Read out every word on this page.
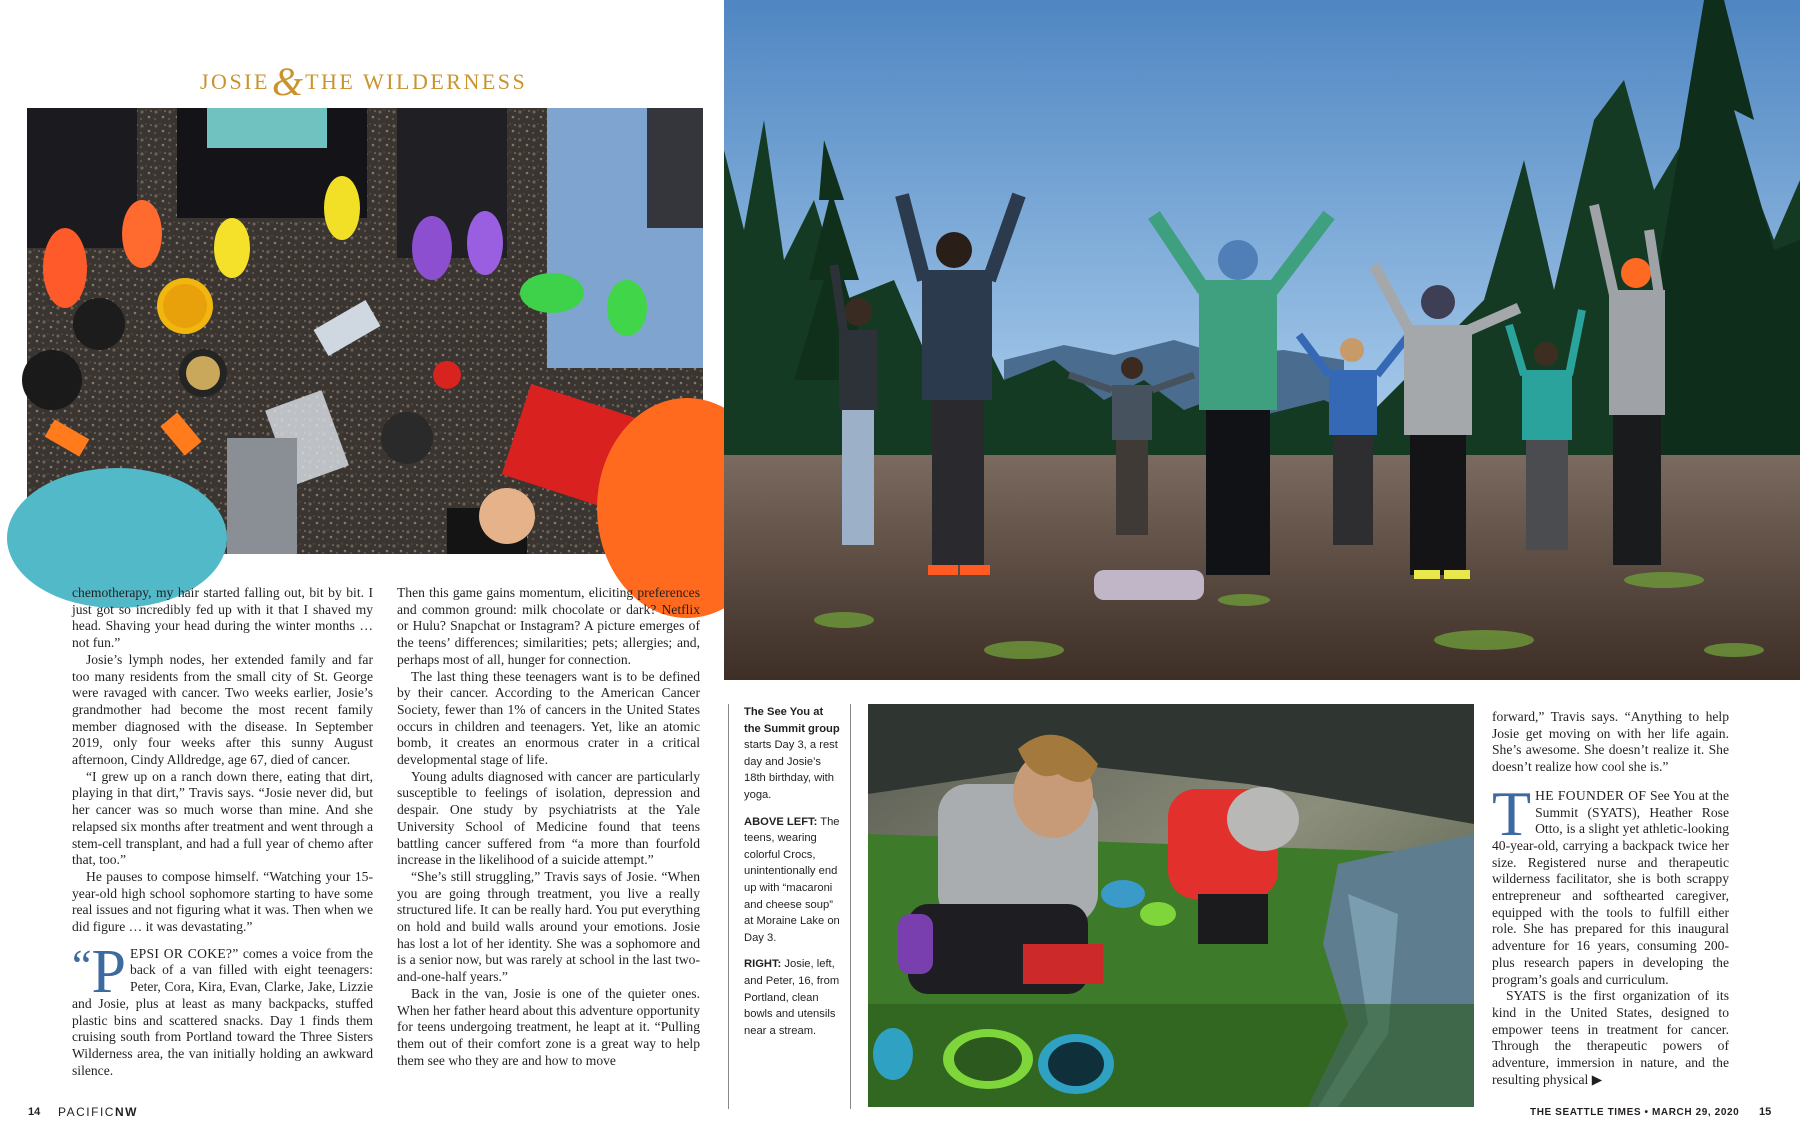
JOSIE&THE WILDERNESS

chemotherapy, my hair started falling out, bit by bit. I just got so incredibly fed up with it that I shaved my head. Shaving your head during the winter months … not fun.”

Josie’s lymph nodes, her extended family and far too many residents from the small city of St. George were ravaged with cancer. Two weeks earlier, Josie’s grandmother had become the most recent family member diagnosed with the disease. In September 2019, only four weeks after this sunny August afternoon, Cindy Alldredge, age 67, died of cancer.

“I grew up on a ranch down there, eating that dirt, playing in that dirt,” Travis says. “Josie never did, but her cancer was so much worse than mine. And she relapsed six months after treatment and went through a stem-cell transplant, and had a full year of chemo after that, too.”

He pauses to compose himself. “Watching your 15-year-old high school sophomore starting to have some real issues and not figuring what it was. Then when we did figure … it was devastating.”

“P EPSI OR COKE?” comes a voice from the back of a van filled with eight teenagers: Peter, Cora, Kira, Evan, Clarke, Jake, Lizzie and Josie, plus at least as many backpacks, stuffed plastic bins and scattered snacks. Day 1 finds them cruising south from Portland toward the Three Sisters Wilderness area, the van initially holding an awkward silence.

Then this game gains momentum, eliciting preferences and common ground: milk chocolate or dark? Netflix or Hulu? Snapchat or Instagram? A picture emerges of the teens’ differences; similarities; pets; allergies; and, perhaps most of all, hunger for connection.

The last thing these teenagers want is to be defined by their cancer. According to the American Cancer Society, fewer than 1% of cancers in the United States occurs in children and teenagers. Yet, like an atomic bomb, it creates an enormous crater in a critical developmental stage of life.

Young adults diagnosed with cancer are particularly susceptible to feelings of isolation, depression and despair. One study by psychiatrists at the Yale University School of Medicine found that teens battling cancer suffered from “a more than fourfold increase in the likelihood of a suicide attempt.”

“She’s still struggling,” Travis says of Josie. “When you are going through treatment, you live a really structured life. It can be really hard. You put everything on hold and build walls around your emotions. Josie has lost a lot of her identity. She was a sophomore and is a senior now, but was rarely at school in the last two-and-one-half years.”

Back in the van, Josie is one of the quieter ones. When her father heard about this adventure opportunity for teens undergoing treatment, he leapt at it. “Pulling them out of their comfort zone is a great way to help them see who they are and how to move

The See You at the Summit group starts Day 3, a rest day and Josie’s 18th birthday, with yoga.

ABOVE LEFT: The teens, wearing colorful Crocs, unintentionally end up with “macaroni and cheese soup” at Moraine Lake on Day 3.

RIGHT: Josie, left, and Peter, 16, from Portland, clean bowls and utensils near a stream.

forward,” Travis says. “Anything to help Josie get moving on with her life again. She’s awesome. She doesn’t realize it. She doesn’t realize how cool she is.”

THE FOUNDER OF See You at the Summit (SYATS), Heather Rose Otto, is a slight yet athletic-looking 40-year-old, carrying a backpack twice her size. Registered nurse and therapeutic wilderness facilitator, she is both scrappy entrepreneur and softhearted caregiver, equipped with the tools to fulfill either role. She has prepared for this inaugural adventure for 16 years, consuming 200-plus research papers in developing the program’s goals and curriculum.

SYATS is the first organization of its kind in the United States, designed to empower teens in treatment for cancer. Through the therapeutic powers of adventure, immersion in nature, and the resulting physical ▶

14 PACIFICNW	THE SEATTLE TIMES • MARCH 29, 2020 15
